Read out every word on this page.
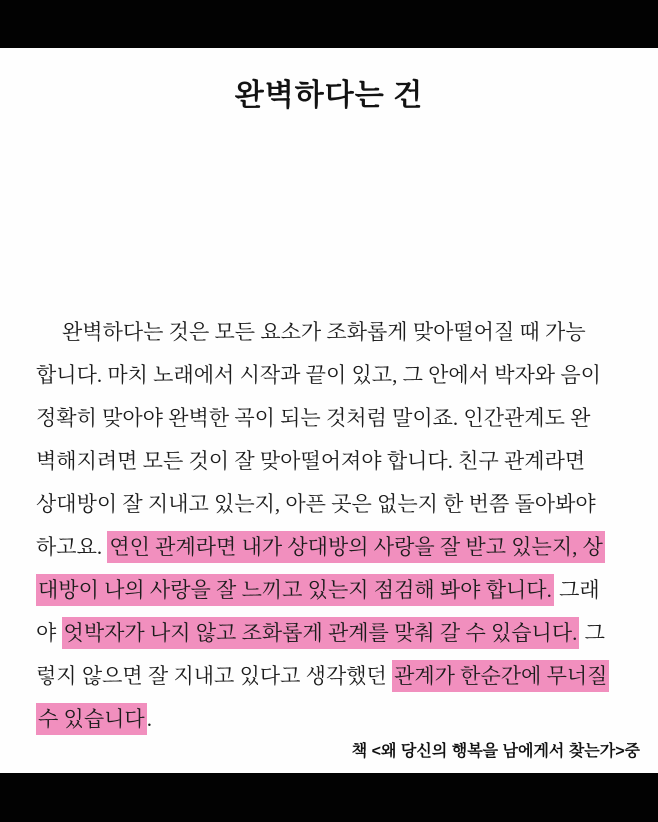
완벽하다는 건
완벽하다는 것은 모든 요소가 조화롭게 맞아떨어질 때 가능
합니다. 마치 노래에서 시작과 끝이 있고, 그 안에서 박자와 음이
정확히 맞아야 완벽한 곡이 되는 것처럼 말이죠. 인간관계도 완
벽해지려면 모든 것이 잘 맞아떨어져야 합니다. 친구 관계라면
상대방이 잘 지내고 있는지, 아픈 곳은 없는지 한 번쯤 돌아봐야
하고요. 연인 관계라면 내가 상대방의 사랑을 잘 받고 있는지, 상
대방이 나의 사랑을 잘 느끼고 있는지 점검해 봐야 합니다. 그래
야 엇박자가 나지 않고 조화롭게 관계를 맞춰 갈 수 있습니다. 그
렇지 않으면 잘 지내고 있다고 생각했던 관계가 한순간에 무너질
수 있습니다.
책 <왜 당신의 행복을 남에게서 찾는가>중
